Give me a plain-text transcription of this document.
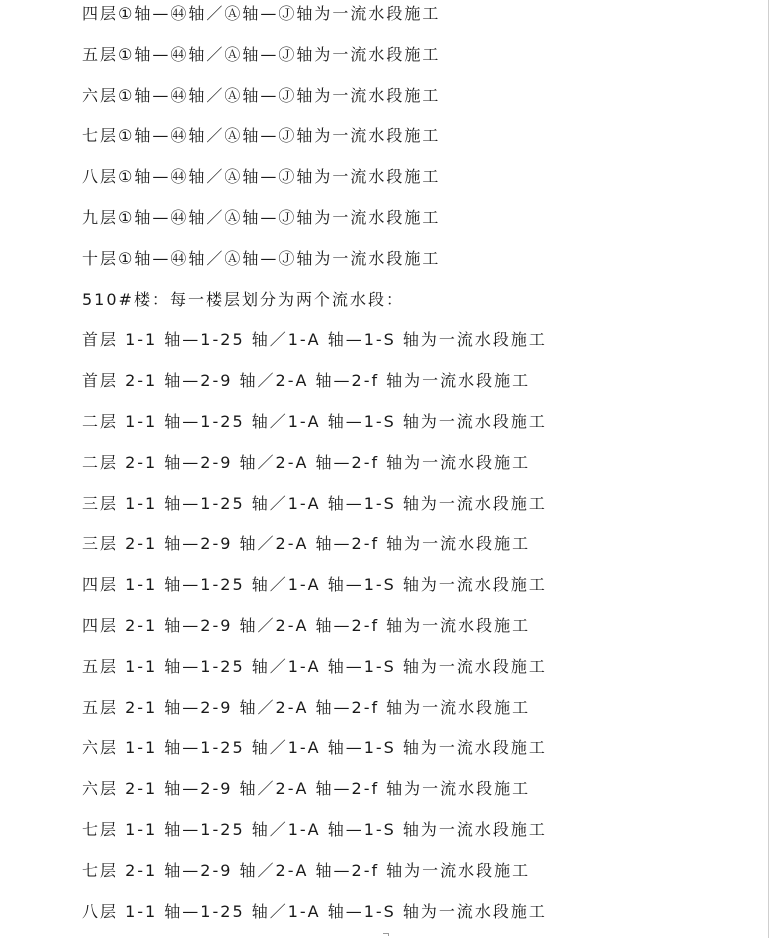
四层①轴—㊹轴／Ⓐ轴—Ⓙ轴为一流水段施工
五层①轴—㊹轴／Ⓐ轴—Ⓙ轴为一流水段施工
六层①轴—㊹轴／Ⓐ轴—Ⓙ轴为一流水段施工
七层①轴—㊹轴／Ⓐ轴—Ⓙ轴为一流水段施工
八层①轴—㊹轴／Ⓐ轴—Ⓙ轴为一流水段施工
九层①轴—㊹轴／Ⓐ轴—Ⓙ轴为一流水段施工
十层①轴—㊹轴／Ⓐ轴—Ⓙ轴为一流水段施工
510#楼：每一楼层划分为两个流水段：
首层 1-1 轴—1-25 轴／1-A 轴—1-S 轴为一流水段施工
首层 2-1 轴—2-9 轴／2-A 轴—2-f 轴为一流水段施工
二层 1-1 轴—1-25 轴／1-A 轴—1-S 轴为一流水段施工
二层 2-1 轴—2-9 轴／2-A 轴—2-f 轴为一流水段施工
三层 1-1 轴—1-25 轴／1-A 轴—1-S 轴为一流水段施工
三层 2-1 轴—2-9 轴／2-A 轴—2-f 轴为一流水段施工
四层 1-1 轴—1-25 轴／1-A 轴—1-S 轴为一流水段施工
四层 2-1 轴—2-9 轴／2-A 轴—2-f 轴为一流水段施工
五层 1-1 轴—1-25 轴／1-A 轴—1-S 轴为一流水段施工
五层 2-1 轴—2-9 轴／2-A 轴—2-f 轴为一流水段施工
六层 1-1 轴—1-25 轴／1-A 轴—1-S 轴为一流水段施工
六层 2-1 轴—2-9 轴／2-A 轴—2-f 轴为一流水段施工
七层 1-1 轴—1-25 轴／1-A 轴—1-S 轴为一流水段施工
七层 2-1 轴—2-9 轴／2-A 轴—2-f 轴为一流水段施工
八层 1-1 轴—1-25 轴／1-A 轴—1-S 轴为一流水段施工
